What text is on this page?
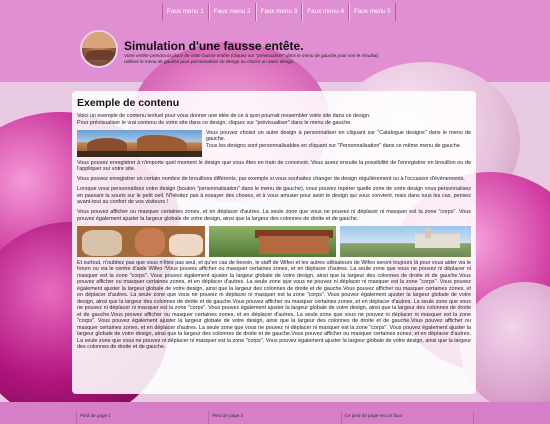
Faux menu 1	Faux menu 2	Faux menu 3	Faux menu 4	Faux menu 5
Simulation d'une fausse entête.
Votre entête prendra la place de cette fausse entête (cliquez sur "prévisualiser" dans le menu de gauche pour voir le résultat).
Utilisez le menu de gauche pour personnaliser ce design ou choisir un autre design.
Exemple de contenu
Voici un exemple de contenu textuel pour vous donner une idée de ce à quoi pourrait ressembler votre site dans ce design.
Pour prévisualiser le vrai contenu de votre site dans ce design, cliquez sur "prévisualiser" dans le menu de gauche.
Vous pouvez choisir un autre design à personnaliser en cliquant sur "Catalogue designs" dans le menu de gauche.
Tous les designs sont personnalisables en cliquant sur "Personnalisation" dans ce même menu de gauche.
Vous pouvez enregistrer à n'importe quel moment le design que vous êtes en train de concevoir. Vous aurez ensuite la possibilité de l'enregistrer en brouillon ou de l'appliquer sur votre site.
Vous pouvez enregistrer un certain nombre de brouillons différents, par exemple si vous souhaitez changer de design régulièrement ou à l'occasion d'évènements.
Lorsque vous personnalisez votre design (bouton "personnalisation" dans le menu de gauche), vous pouvez repérer quelle zone de votre design vous personnalisez en passant la souris sur le petit oeil. N'hésitez pas à essayer des choses, et à vous amuser pour avoir le design qui vous convient, mais dans tous les cas, pensez avant-tout au confort de vos visiteurs !
Vous pouvez afficher ou masquer certaines zones, et en déplacer d'autres. La seule zone que vous ne pouvez ni déplacer ni masquer est la zone "corps". Vous pouvez également ajuster la largeur globale de votre design, ainsi que la largeur des colonnes de droite et de gauche.
Et surtout, n'oubliez pas que vous n'êtes pas seul, et qu'en cas de besoin, le staff de Wifeo et les autres utilisateurs de Wifeo seront toujours là pour vous aider via le forum ou via le centre d'aide Wifeo !Vous pouvez afficher ou masquer certaines zones, et en déplacer d'autres. La seule zone que vous ne pouvez ni déplacer ni masquer est la zone "corps". Vous pouvez également ajuster la largeur globale de votre design, ainsi que la largeur des colonnes de droite et de gauche.Vous pouvez afficher ou masquer certaines zones, et en déplacer d'autres. La seule zone que vous ne pouvez ni déplacer ni masquer est la zone "corps". Vous pouvez également ajuster la largeur globale de votre design, ainsi que la largeur des colonnes de droite et de gauche.Vous pouvez afficher ou masquer certaines zones, et en déplacer d'autres. La seule zone que vous ne pouvez ni déplacer ni masquer est la zone "corps". Vous pouvez également ajuster la largeur globale de votre design, ainsi que la largeur des colonnes de droite et de gauche.Vous pouvez afficher ou masquer certaines zones, et en déplacer d'autres. La seule zone que vous ne pouvez ni déplacer ni masquer est la zone "corps". Vous pouvez également ajuster la largeur globale de votre design, ainsi que la largeur des colonnes de droite et de gauche.Vous pouvez afficher ou masquer certaines zones, et en déplacer d'autres. La seule zone que vous ne pouvez ni déplacer ni masquer est la zone "corps". Vous pouvez également ajuster la largeur globale de votre design, ainsi que la largeur des colonnes de droite et de gauche.Vous pouvez afficher ou masquer certaines zones, et en déplacer d'autres. La seule zone que vous ne pouvez ni déplacer ni masquer est la zone "corps". Vous pouvez également ajuster la largeur globale de votre design, ainsi que la largeur des colonnes de droite et de gauche.Vous pouvez afficher ou masquer certaines zones, et en déplacer d'autres. La seule zone que vous ne pouvez ni déplacer ni masquer est la zone "corps". Vous pouvez également ajuster la largeur globale de votre design, ainsi que la largeur des colonnes de droite et de gauche.
Pied de page 1	Pied de page 2	Ce pied de page est un faux
